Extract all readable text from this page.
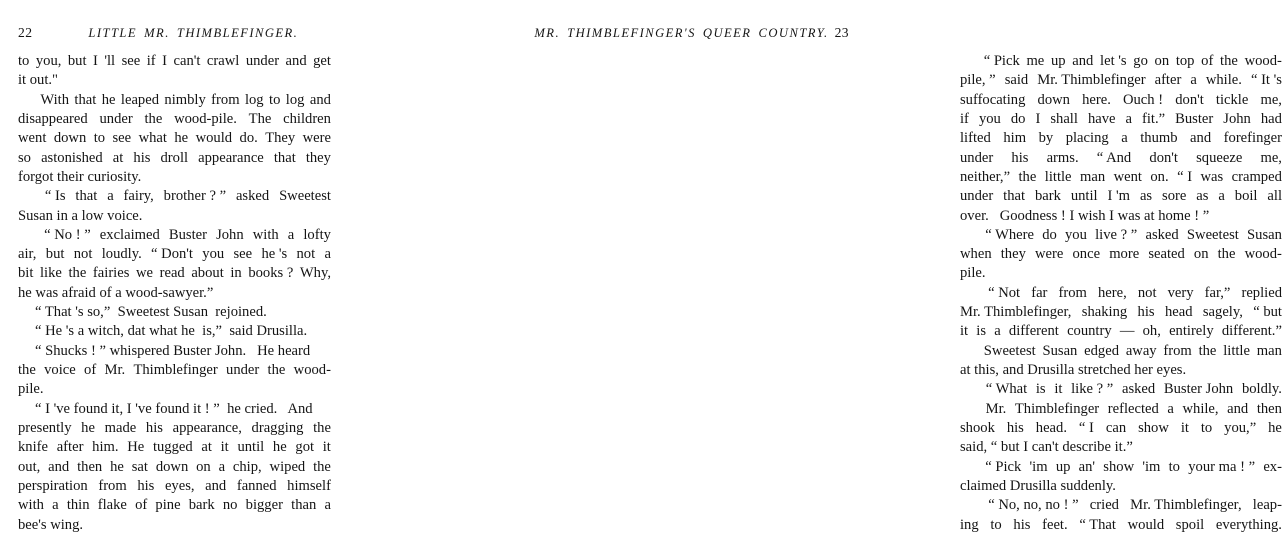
22	LITTLE MR. THIMBLEFINGER.
to you, but I 'll see if I can't crawl under and get
it out."
With that he leaped nimbly from log to log and
disappeared under the wood-pile. The children
went down to see what he would do. They were
so astonished at his droll appearance that they
forgot their curiosity.
“ Is that a fairy, brother ? ” asked Sweetest
Susan in a low voice.
“ No ! ” exclaimed Buster John with a lofty
air, but not loudly. “ Don't you see he 's not a
bit like the fairies we read about in books ? Why,
he was afraid of a wood-sawyer.”
“ That 's so,”  Sweetest Susan  rejoined.
“ He 's a witch, dat what he  is,”  said Drusilla.
“ Shucks ! ” whispered Buster John.   He heard
the voice of Mr. Thimblefinger under the wood-
pile.
“ I 've found it, I 've found it ! ”  he cried.   And
presently he made his appearance, dragging the
knife after him. He tugged at it until he got it
out, and then he sat down on a chip, wiped the
perspiration from his eyes, and fanned himself
with a thin flake of pine bark no bigger than a
bee's wing.
MR. THIMBLEFINGER'S QUEER COUNTRY. 23
“ Pick me up and let 's go on top of the wood-
pile, ” said Mr. Thimblefinger after a while. “ It 's
suffocating down here. Ouch ! don't tickle me,
if you do I shall have a fit.” Buster John had
lifted him by placing a thumb and forefinger
under his arms. “ And don't squeeze me,
neither,” the little man went on. “ I was cramped
under that bark until I 'm as sore as a boil all
over.   Goodness ! I wish I was at home ! ”
“ Where do you live ? ” asked Sweetest Susan
when they were once more seated on the wood-
pile.
“ Not far from here, not very far,” replied
Mr. Thimblefinger, shaking his head sagely, “ but
it is a different country — oh, entirely different.”
Sweetest Susan edged away from the little man
at this, and Drusilla stretched her eyes.
“ What is it like ? ” asked Buster John boldly.
Mr. Thimblefinger reflected a while, and then
shook his head. “ I can show it to you,” he
said, “ but I can't describe it.”
“ Pick 'im up an' show 'im to your ma ! ” ex-
claimed Drusilla suddenly.
“ No, no, no ! ” cried Mr. Thimblefinger, leap-
ing to his feet. “ That would spoil everything.
